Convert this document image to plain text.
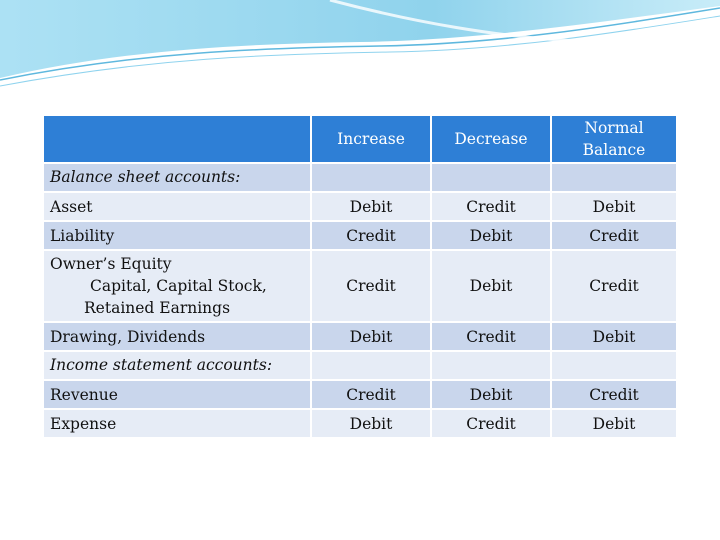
	Increase	Decrease	Normal Balance
Balance sheet accounts:			
Asset	Debit	Credit	Debit
Liability	Credit	Debit	Credit
Owner’s Equity
Capital, Capital Stock,
Retained Earnings	Credit	Debit	Credit
Drawing, Dividends	Debit	Credit	Debit
Income statement accounts:			
Revenue	Credit	Debit	Credit
Expense	Debit	Credit	Debit
